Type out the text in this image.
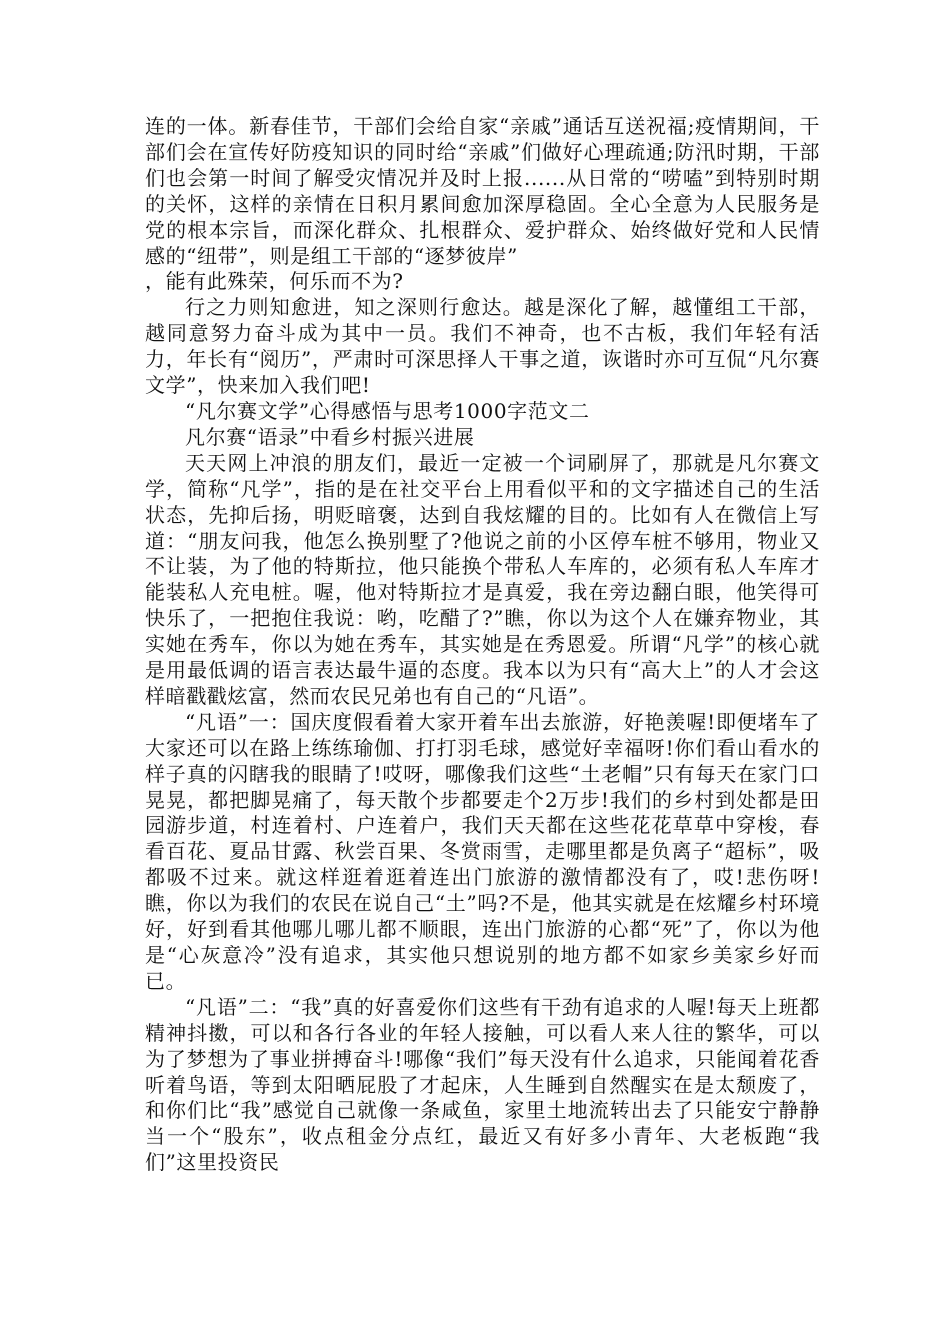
连的一体。新春佳节，干部们会给自家“亲戚”通话互送祝福;疫情期间，干部们会在宣传好防疫知识的同时给“亲戚”们做好心理疏通;防汛时期，干部们也会第一时间了解受灾情况并及时上报......从日常的“唠嗑”到特别时期的关怀，这样的亲情在日积月累间愈加深厚稳固。全心全意为人民服务是党的根本宗旨，而深化群众、扎根群众、爱护群众、始终做好党和人民情感的“纽带”，则是组工干部的“逐梦彼岸”

，能有此殊荣，何乐而不为?

行之力则知愈进，知之深则行愈达。越是深化了解，越懂组工干部，越同意努力奋斗成为其中一员。我们不神奇，也不古板，我们年轻有活力，年长有“阅历”，严肃时可深思择人干事之道，诙谐时亦可互侃“凡尔赛文学”，快来加入我们吧!

“凡尔赛文学”心得感悟与思考1000字范文二

凡尔赛“语录”中看乡村振兴进展

天天网上冲浪的朋友们，最近一定被一个词刷屏了，那就是凡尔赛文学，简称“凡学”，指的是在社交平台上用看似平和的文字描述自己的生活状态，先抑后扬，明贬暗褒，达到自我炫耀的目的。比如有人在微信上写道：“朋友问我，他怎么换别墅了?他说之前的小区停车桩不够用，物业又不让装，为了他的特斯拉，他只能换个带私人车库的，必须有私人车库才能装私人充电桩。喔，他对特斯拉才是真爱，我在旁边翻白眼，他笑得可快乐了，一把抱住我说：哟，吃醋了?”瞧，你以为这个人在嫌弃物业，其实她在秀车，你以为她在秀车，其实她是在秀恩爱。所谓“凡学”的核心就是用最低调的语言表达最牛逼的态度。我本以为只有“高大上”的人才会这样暗戳戳炫富，然而农民兄弟也有自己的“凡语”。

“凡语”一：国庆度假看着大家开着车出去旅游，好艳羡喔!即便堵车了大家还可以在路上练练瑜伽、打打羽毛球，感觉好幸福呀!你们看山看水的样子真的闪瞎我的眼睛了!哎呀，哪像我们这些“土老帽”只有每天在家门口晃晃，都把脚晃痛了，每天散个步都要走个2万步!我们的乡村到处都是田园游步道，村连着村、户连着户，我们天天都在这些花花草草中穿梭，春看百花、夏品甘露、秋尝百果、冬赏雨雪，走哪里都是负离子“超标”，吸都吸不过来。就这样逛着逛着连出门旅游的激情都没有了，哎!悲伤呀!瞧，你以为我们的农民在说自己“土”吗?不是，他其实就是在炫耀乡村环境好，好到看其他哪儿哪儿都不顺眼，连出门旅游的心都“死”了，你以为他是“心灰意冷”没有追求，其实他只想说别的地方都不如家乡美家乡好而已。

“凡语”二：“我”真的好喜爱你们这些有干劲有追求的人喔!每天上班都精神抖擞，可以和各行各业的年轻人接触，可以看人来人往的繁华，可以为了梦想为了事业拼搏奋斗!哪像“我们”每天没有什么追求，只能闻着花香听着鸟语，等到太阳晒屁股了才起床，人生睡到自然醒实在是太颓废了，和你们比“我”感觉自己就像一条咸鱼，家里土地流转出去了只能安宁静静当一个“股东”，收点租金分点红，最近又有好多小青年、大老板跑“我们”这里投资民
